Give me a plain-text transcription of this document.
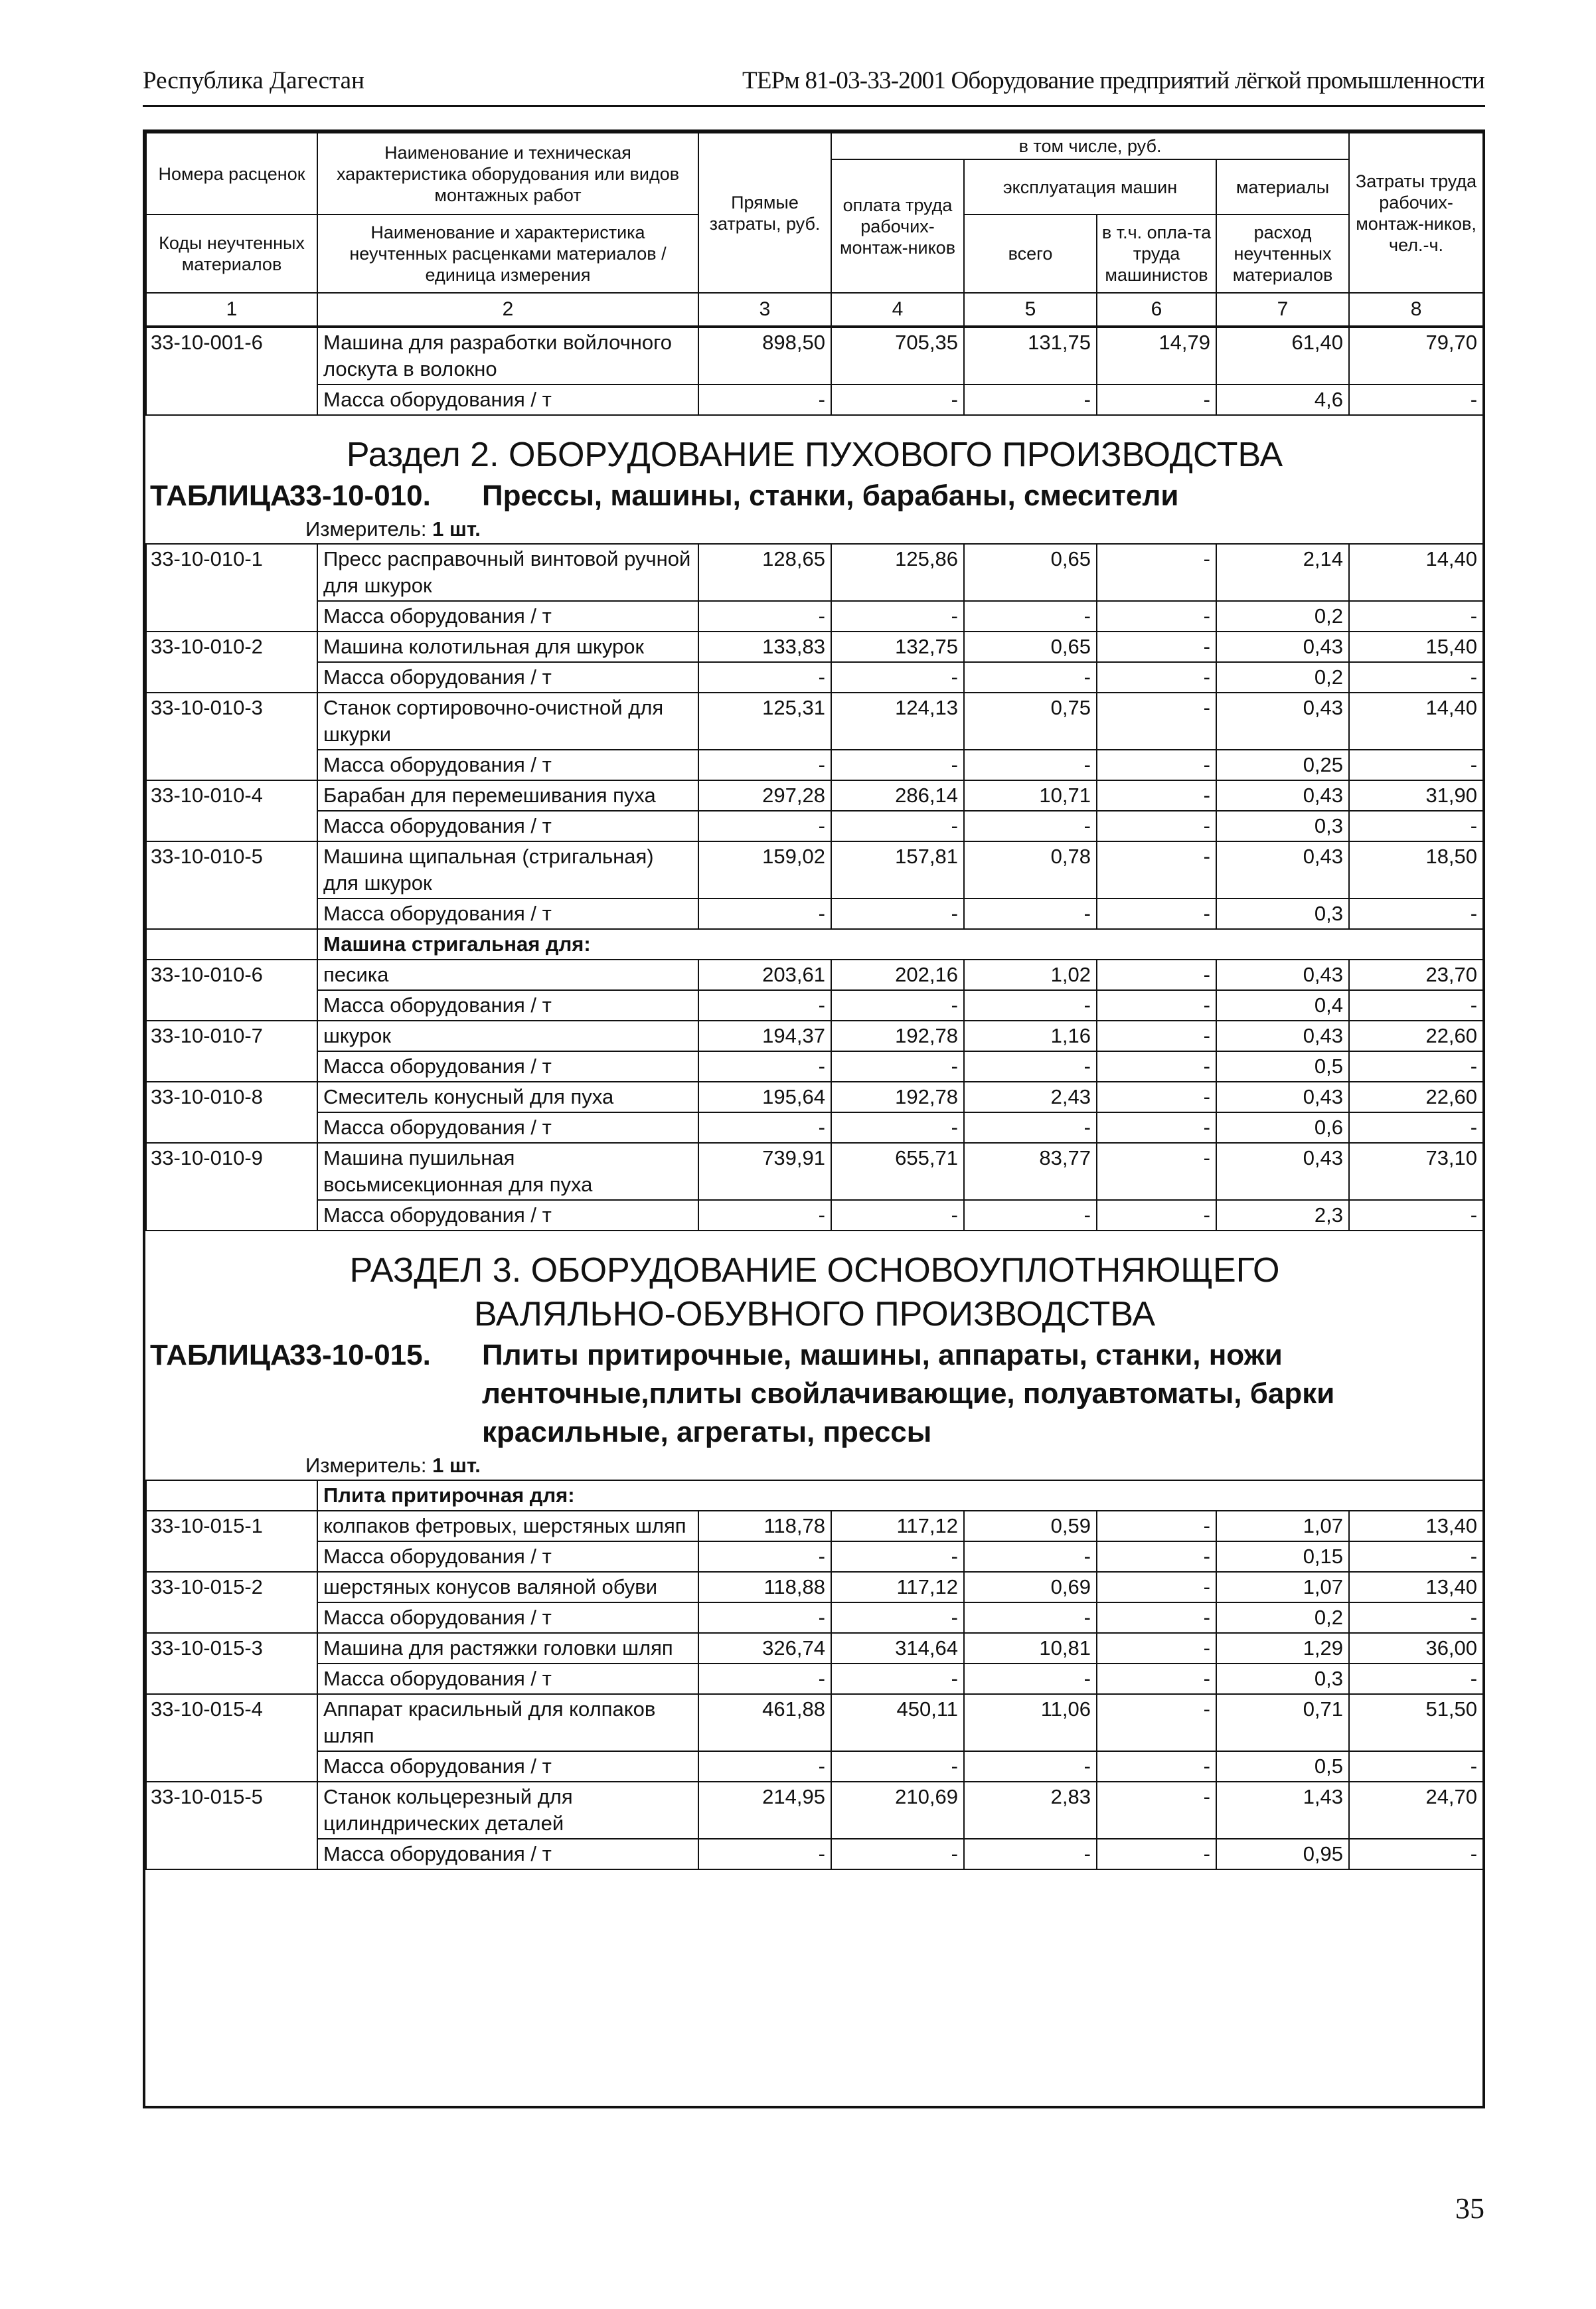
Республика Дагестан	ТЕРм 81-03-33-2001 Оборудование предприятий лёгкой промышленности
Номера расценок	Наименование и техническая характеристика оборудования или видов монтажных работ	Прямые затраты, руб.	в том числе, руб.				Затраты труда рабочих-монтаж-ников, чел.-ч.
			оплата труда рабочих-монтаж-ников	эксплуатация машин		материалы	
Коды неучтенных материалов	Наименование и характеристика неучтенных расценками материалов / единица измерения			всего	в т.ч. опла-та труда машинистов	расход неучтенных материалов	

1	2	3	4	5	6	7	8
33-10-001-6	Машина для разработки войлочного лоскута в волокно	898,50	705,35	131,75	14,79	61,40	79,70
	Масса оборудования / т	-	-	-	-	4,6	-

Раздел 2. ОБОРУДОВАНИЕ ПУХОВОГО ПРОИЗВОДСТВА							

ТАБЛИЦА
33-10-010. Прессы, машины, станки, барабаны, смесители							

Измеритель: 1 шт.							

33-10-010-1	Пресс расправочный винтовой ручной для шкурок	128,65	125,86	0,65	-	2,14	14,40
	Масса оборудования / т	-	-	-	-	0,2	-
33-10-010-2	Машина колотильная для шкурок	133,83	132,75	0,65	-	0,43	15,40
	Масса оборудования / т	-	-	-	-	0,2	-
33-10-010-3	Станок сортировочно-очистной для шкурки	125,31	124,13	0,75	-	0,43	14,40
	Масса оборудования / т	-	-	-	-	0,25	-
33-10-010-4	Барабан для перемешивания пуха	297,28	286,14	10,71	-	0,43	31,90
	Масса оборудования / т	-	-	-	-	0,3	-
33-10-010-5	Машина щипальная (стригальная) для шкурок	159,02	157,81	0,78	-	0,43	18,50
	Масса оборудования / т	-	-	-	-	0,3	-
	Машина стригальная для:						
33-10-010-6	песика	203,61	202,16	1,02	-	0,43	23,70
	Масса оборудования / т	-	-	-	-	0,4	-
33-10-010-7	шкурок	194,37	192,78	1,16	-	0,43	22,60
	Масса оборудования / т	-	-	-	-	0,5	-
33-10-010-8	Смеситель конусный для пуха	195,64	192,78	2,43	-	0,43	22,60
	Масса оборудования / т	-	-	-	-	0,6	-
33-10-010-9	Машина пушильная восьмисекционная для пуха	739,91	655,71	83,77	-	0,43	73,10
	Масса оборудования / т	-	-	-	-	2,3	-

РАЗДЕЛ 3. ОБОРУДОВАНИЕ ОСНОВОУПЛОТНЯЮЩЕГО
ВАЛЯЛЬНО-ОБУВНОГО ПРОИЗВОДСТВА							

ТАБЛИЦА
33-10-015. Плиты притирочные, машины, аппараты, станки, ножи ленточные,плиты свойлачивающие, полуавтоматы, барки красильные, агрегаты, прессы							

Измеритель: 1 шт.							

	Плита притирочная для:						
33-10-015-1	колпаков фетровых, шерстяных шляп	118,78	117,12	0,59	-	1,07	13,40
	Масса оборудования / т	-	-	-	-	0,15	-
33-10-015-2	шерстяных конусов валяной обуви	118,88	117,12	0,69	-	1,07	13,40
	Масса оборудования / т	-	-	-	-	0,2	-
33-10-015-3	Машина для растяжки головки шляп	326,74	314,64	10,81	-	1,29	36,00
	Масса оборудования / т	-	-	-	-	0,3	-
33-10-015-4	Аппарат красильный для колпаков шляп	461,88	450,11	11,06	-	0,71	51,50
	Масса оборудования / т	-	-	-	-	0,5	-
33-10-015-5	Станок кольцерезный для цилиндрических деталей	214,95	210,69	2,83	-	1,43	24,70
	Масса оборудования / т	-	-	-	-	0,95	-
35
